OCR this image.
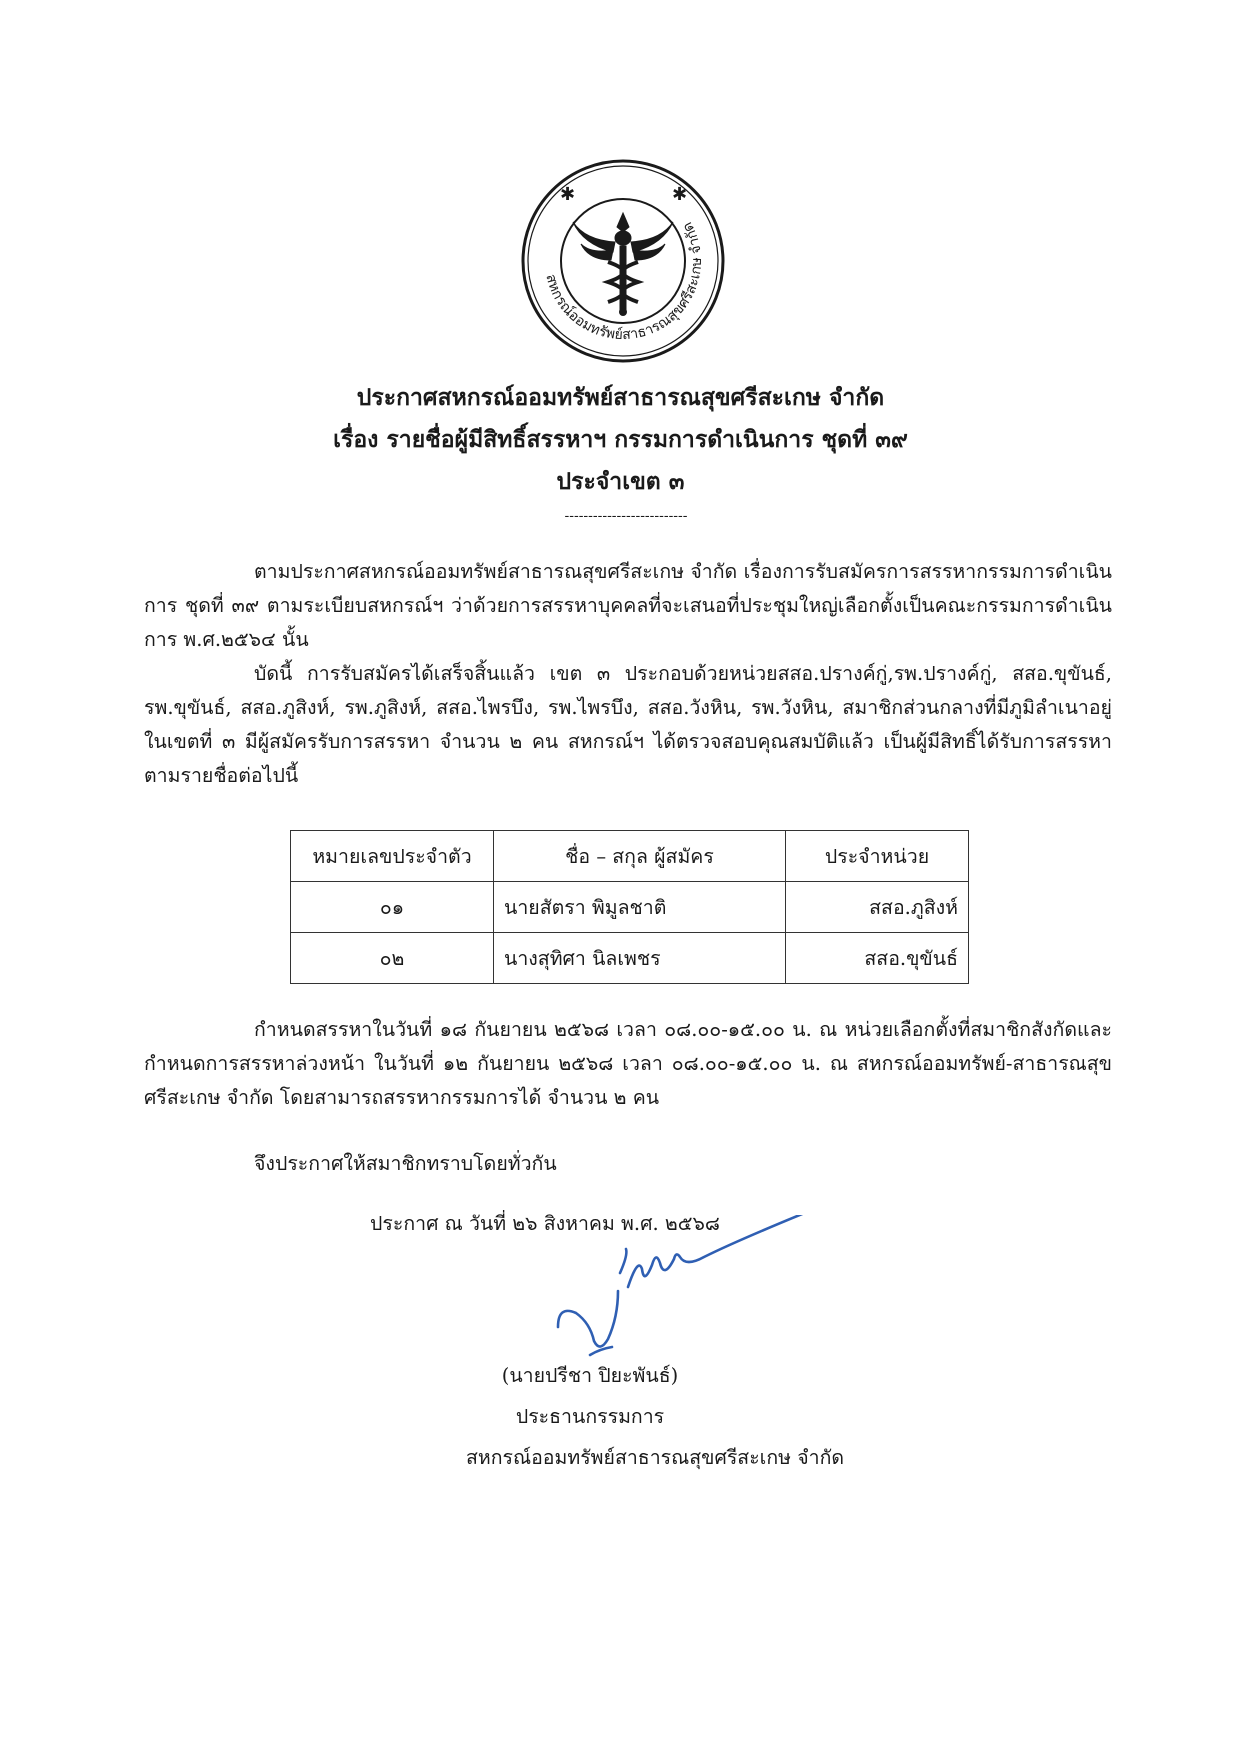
สหกรณ์ออมทรัพย์สาธารณสุขศรีสะเกษ จำกัด
✱	✱
ประกาศสหกรณ์ออมทรัพย์สาธารณสุขศรีสะเกษ จำกัด
เรื่อง รายชื่อผู้มีสิทธิ์สรรหาฯ กรรมการดำเนินการ ชุดที่ ๓๙
ประจำเขต ๓
--------------------------
ตามประกาศสหกรณ์ออมทรัพย์สาธารณสุขศรีสะเกษ จำกัด เรื่องการรับสมัครการสรรหากรรมการดำเนินการ ชุดที่ ๓๙ ตามระเบียบสหกรณ์ฯ ว่าด้วยการสรรหาบุคคลที่จะเสนอที่ประชุมใหญ่เลือกตั้งเป็นคณะกรรมการดำเนินการ พ.ศ.๒๕๖๔ นั้น
บัดนี้ การรับสมัครได้เสร็จสิ้นแล้ว เขต ๓ ประกอบด้วยหน่วยสสอ.ปรางค์กู่,รพ.ปรางค์กู่, สสอ.ขุขันธ์, รพ.ขุขันธ์, สสอ.ภูสิงห์, รพ.ภูสิงห์, สสอ.ไพรบึง, รพ.ไพรบึง, สสอ.วังหิน, รพ.วังหิน, สมาชิกส่วนกลางที่มีภูมิลำเนาอยู่ในเขตที่ ๓ มีผู้สมัครรับการสรรหา จำนวน ๒ คน สหกรณ์ฯ ได้ตรวจสอบคุณสมบัติแล้ว เป็นผู้มีสิทธิ์ได้รับการสรรหาตามรายชื่อต่อไปนี้
หมายเลขประจำตัว	ชื่อ – สกุล ผู้สมัคร	ประจำหน่วย
๐๑	นายสัตรา พิมูลชาติ	สสอ.ภูสิงห์
๐๒	นางสุทิศา นิลเพชร	สสอ.ขุขันธ์
กำหนดสรรหาในวันที่ ๑๘ กันยายน ๒๕๖๘ เวลา ๐๘.๐๐-๑๕.๐๐ น. ณ หน่วยเลือกตั้งที่สมาชิกสังกัดและกำหนดการสรรหาล่วงหน้า ในวันที่ ๑๒ กันยายน ๒๕๖๘ เวลา ๐๘.๐๐-๑๕.๐๐ น. ณ สหกรณ์ออมทรัพย์-สาธารณสุขศรีสะเกษ จำกัด โดยสามารถสรรหากรรมการได้ จำนวน ๒ คน
จึงประกาศให้สมาชิกทราบโดยทั่วกัน
ประกาศ ณ วันที่ ๒๖ สิงหาคม พ.ศ. ๒๕๖๘
(นายปรีชา ปิยะพันธ์)
ประธานกรรมการ
สหกรณ์ออมทรัพย์สาธารณสุขศรีสะเกษ จำกัด
